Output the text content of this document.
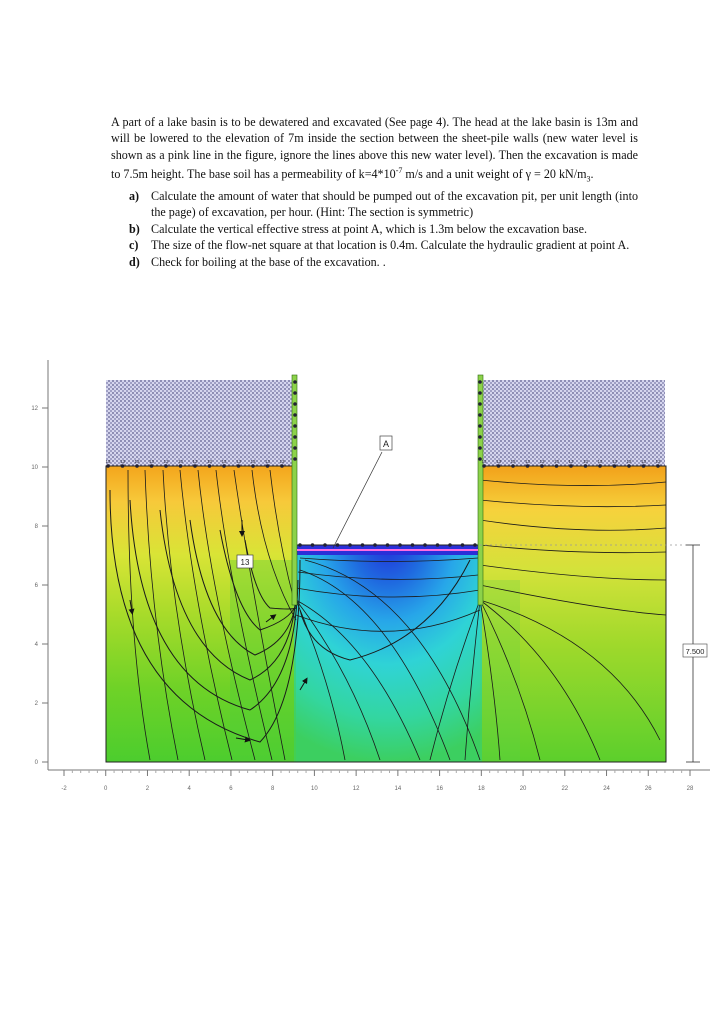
A part of a lake basin is to be dewatered and excavated (See page 4). The head at the lake basin is 13m and will be lowered to the elevation of 7m inside the section between the sheet-pile walls (new water level is shown as a pink line in the figure, ignore the lines above this new water level). Then the excavation is made to 7.5m height. The base soil has a permeability of $k=4*10^{-7}$ m/s and a unit weight of γ = 20 $kN/m_3$.

a) Calculate the amount of water that should be pumped out of the excavation pit, per unit length (into the page) of excavation, per hour. (Hint: The section is symmetric)
b) Calculate the vertical effective stress at point A, which is 1.3m below the excavation base.
c)	The size of the flow-net square at that location is 0.4m. Calculate the hydraulic gradient at point A.
d) Check for boiling at the base of the excavation. .
-2	0	2	4	6	8	10	12	14	16	18	20	22	24	26	28
0
2
4
6
8
10
12
13 13 13 13 13 13 13 13 13 13 13 13 13	13 13 13 13 13 13 13 13 13 13 13 13 13
A
13
7.500
